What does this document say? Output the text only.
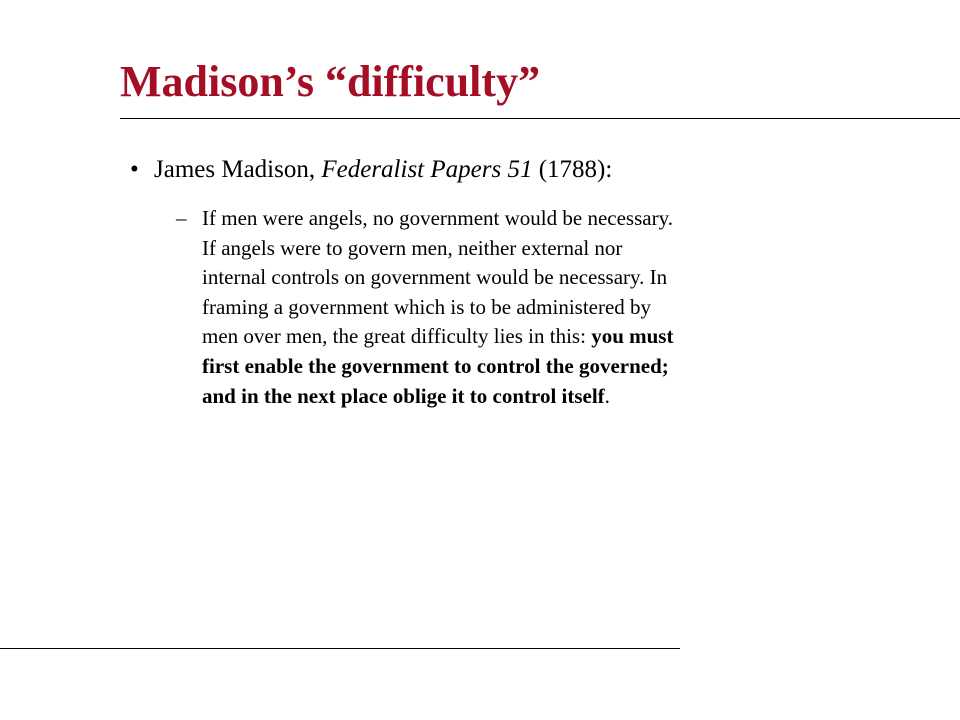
Madison’s “difficulty”
• James Madison, Federalist Papers 51 (1788):
– If men were angels, no government would be necessary.
If angels were to govern men, neither external nor
internal controls on government would be necessary. In
framing a government which is to be administered by
men over men, the great difficulty lies in this: you must
first enable the government to control the governed;
and in the next place oblige it to control itself.
